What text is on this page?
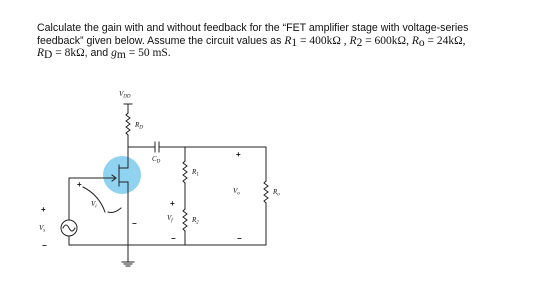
Calculate the gain with and without feedback for the “FET amplifier stage with voltage-series
feedback” given below. Assume the circuit values as $R_1 = 400k\Omega$ , $R_2 = 600k\Omega$, $R_o = 24k\Omega$,
$R_D = 8k\Omega$, and $g_m = 50$ mS.
$V_{DD}$
$R_D$
$C_D$
$R_1$
$R_2$
+
$V_f$
−
+
$V_o$
−
$R_o$
+
$V_s$
−
+
$V_i$
−
